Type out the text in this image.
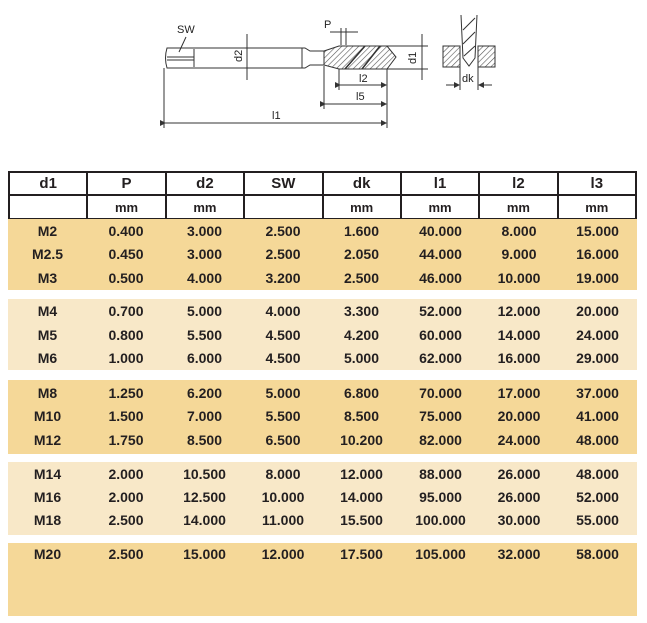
SW
d2
P
d1
l2
l5
l1
dk
d1	P	d2	SW	dk	l1	l2	l3
	mm	mm		mm	mm	mm	mm
M2	0.400	3.000	2.500	1.600	40.000	8.000	15.000
M2.5	0.450	3.000	2.500	2.050	44.000	9.000	16.000
M3	0.500	4.000	3.200	2.500	46.000	10.000	19.000
M4	0.700	5.000	4.000	3.300	52.000	12.000	20.000
M5	0.800	5.500	4.500	4.200	60.000	14.000	24.000
M6	1.000	6.000	4.500	5.000	62.000	16.000	29.000
M8	1.250	6.200	5.000	6.800	70.000	17.000	37.000
M10	1.500	7.000	5.500	8.500	75.000	20.000	41.000
M12	1.750	8.500	6.500	10.200	82.000	24.000	48.000
M14	2.000	10.500	8.000	12.000	88.000	26.000	48.000
M16	2.000	12.500	10.000	14.000	95.000	26.000	52.000
M18	2.500	14.000	11.000	15.500	100.000	30.000	55.000
M20	2.500	15.000	12.000	17.500	105.000	32.000	58.000
